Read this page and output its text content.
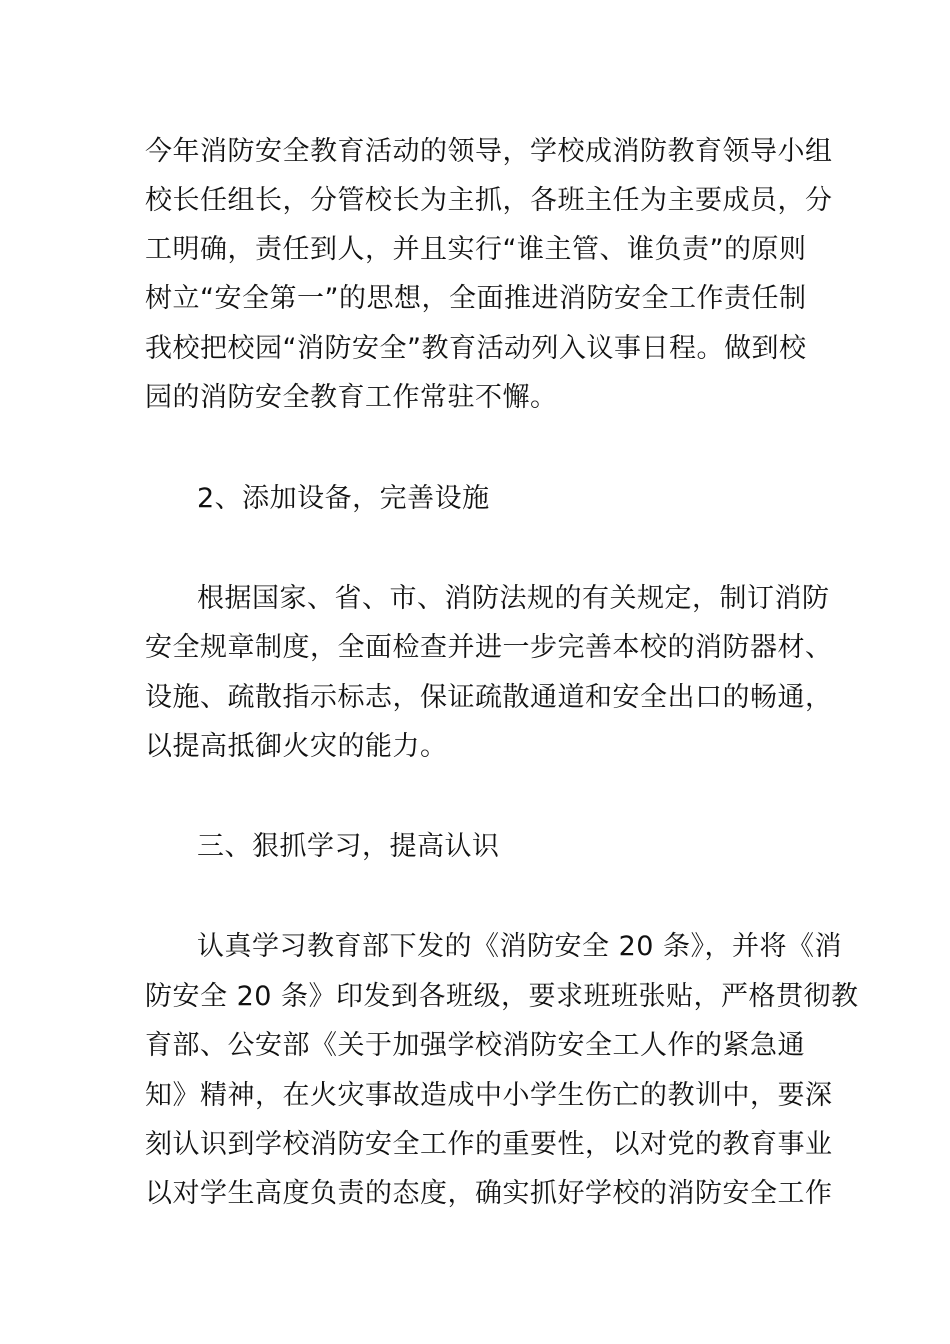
今年消防安全教育活动的领导，学校成消防教育领导小组
校长任组长，分管校长为主抓，各班主任为主要成员，分
工明确，责任到人，并且实行“谁主管、谁负责”的原则
树立“安全第一”的思想，全面推进消防安全工作责任制
我校把校园“消防安全”教育活动列入议事日程。做到校
园的消防安全教育工作常驻不懈。
2、添加设备，完善设施
根据国家、省、市、消防法规的有关规定，制订消防
安全规章制度，全面检查并进一步完善本校的消防器材、
设施、疏散指示标志，保证疏散通道和安全出口的畅通，
以提高抵御火灾的能力。
三、狠抓学习，提高认识
认真学习教育部下发的《消防安全 20 条》，并将《消
防安全 20 条》印发到各班级，要求班班张贴，严格贯彻教
育部、公安部《关于加强学校消防安全工人作的紧急通
知》精神，在火灾事故造成中小学生伤亡的教训中，要深
刻认识到学校消防安全工作的重要性，以对党的教育事业
以对学生高度负责的态度，确实抓好学校的消防安全工作
